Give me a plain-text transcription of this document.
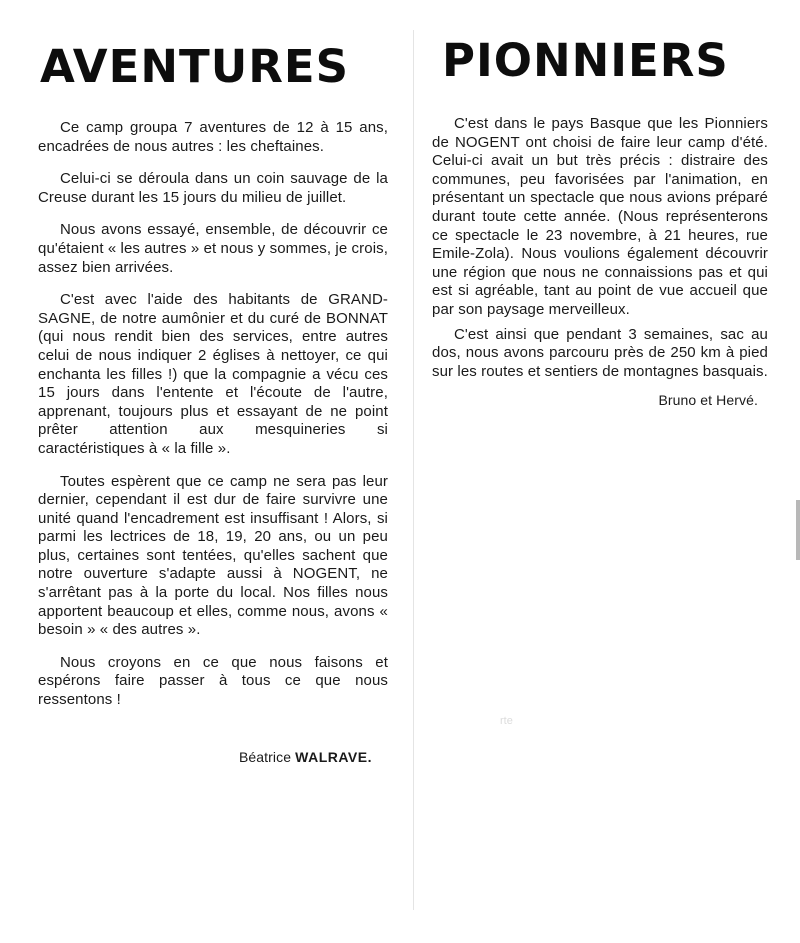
rte
AVENTURES

Ce camp groupa 7 aventures de 12 à 15 ans, encadrées de nous autres : les cheftaines.

Celui-ci se déroula dans un coin sauvage de la Creuse durant les 15 jours du milieu de juillet.

Nous avons essayé, ensemble, de découvrir ce qu'étaient « les autres » et nous y sommes, je crois, assez bien arrivées.

C'est avec l'aide des habitants de GRAND-SAGNE, de notre aumônier et du curé de BONNAT (qui nous rendit bien des services, entre autres celui de nous indiquer 2 églises à nettoyer, ce qui enchanta les filles !) que la compagnie a vécu ces 15 jours dans l'entente et l'écoute de l'autre, apprenant, toujours plus et essayant de ne point prêter attention aux mesquineries si caractéristiques à « la fille ».

Toutes espèrent que ce camp ne sera pas leur dernier, cependant il est dur de faire survivre une unité quand l'encadrement est insuffisant ! Alors, si parmi les lectrices de 18, 19, 20 ans, ou un peu plus, certaines sont tentées, qu'elles sachent que notre ouverture s'adapte aussi à NOGENT, ne s'arrêtant pas à la porte du local. Nos filles nous apportent beaucoup et elles, comme nous, avons « besoin » « des autres ».

Nous croyons en ce que nous faisons et espérons faire passer à tous ce que nous ressentons !

Béatrice WALRAVE.

PIONNIERS

C'est dans le pays Basque que les Pionniers de NOGENT ont choisi de faire leur camp d'été. Celui-ci avait un but très précis : distraire des communes, peu favorisées par l'animation, en présentant un spectacle que nous avions préparé durant toute cette année. (Nous représenterons ce spectacle le 23 novembre, à 21 heures, rue Emile-Zola). Nous voulions également découvrir une région que nous ne connaissions pas et qui est si agréable, tant au point de vue accueil que par son paysage merveilleux.

C'est ainsi que pendant 3 semaines, sac au dos, nous avons parcouru près de 250 km à pied sur les routes et sentiers de montagnes basquais.

Bruno et Hervé.
